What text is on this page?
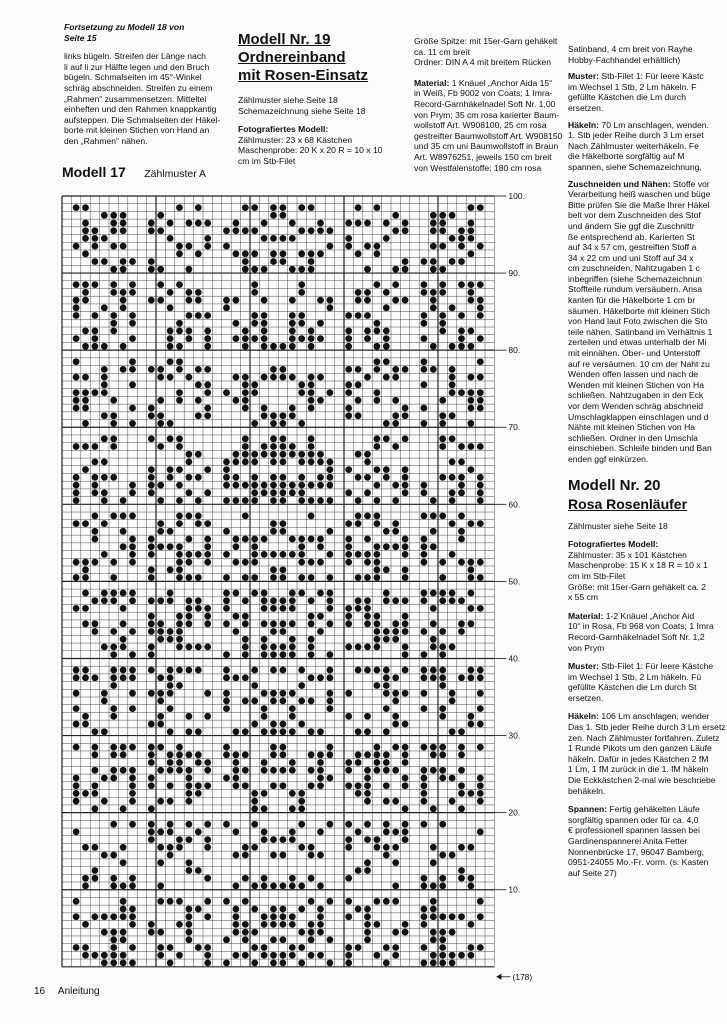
Fortsetzung zu Modell 18 von Seite 15

links bügeln. Streifen der Länge nach

li auf li zur Hälfte legen und den Bruch

bügeln. Schmalseiten im 45°-Winkel

schräg abschneiden. Streifen zu einem

„Rahmen“ zusammensetzen. Mitteltei

einheften und den Rahmen knappkantig

aufsteppen. Die Schmalseiten der Häkel-

borte mit kleinen Stichen von Hand an

den „Rahmen“ nähen.

Modell 17 Zählmuster A

Modell Nr. 19

Ordnereinband

mit Rosen-Einsatz

Zählmuster siehe Seite 18

Schemazeichnung siehe Seite 18

Fotografiertes Modell:

Zählmuster: 23 x 68 Kästchen

Maschenprobe: 20 K x 20 R = 10 x 10

cm im Stb-Filet

Größe Spitze: mit 15er-Garn gehäkelt

ca. 11 cm breit

Ordner: DIN A 4 mit breitem Rücken

Material: 1 Knäuel „Anchor Aida 15“

in Weiß, Fb 9002 von Coats; 1 Imra-

Record-Garnhäkelnadel Soft Nr. 1,00

von Prym; 35 cm rosa karierter Baum-

wollstoff Art. W908100, 25 cm rosa

gestreifter Baumwollstoff Art. W908150

und 35 cm uni Baumwollstoff in Braun

Art. W8976251, jeweils 150 cm breit

von Westfalenstoffe; 180 cm rosa

Satinband, 4 cm breit von Rayhe

Hobby-Fachhandel erhältlich)

Muster: Stb-Filet 1: Für leere Kästc

im Wechsel 1 Stb, 2 Lm häkeln. F

gefüllte Kästchen die Lm durch

ersetzen.

Häkeln: 70 Lm anschlagen, wenden.

1. Stb jeder Reihe durch 3 Lm erset

Nach Zählmuster weiterhäkeln. Fe

die Häkelborte sorgfältig auf M

spannen, siehe Schemazeichnung,

Zuschneiden und Nähen: Stoffe vor

Verarbeitung heiß waschen und büge

Bitte prüfen Sie die Maße Ihrer Häkel

belt vor dem Zuschneiden des Stof

und ändern Sie ggf die Zuschnittr

ße entsprechend ab. Karierten St

auf 34 x 57 cm, gestreiften Stoff a

34 x 22 cm und uni Stoff auf 34 x

cm zuschneiden, Nahtzugaben 1 c

inbegriffen (siehe Schemazeichnun

Stoffteile rundum versäubern. Ansa

kanten für die Häkelborte 1 cm br

säumen. Häkelborte mit kleinen Stich

von Hand laut Foto zwischen die Sto

teile nähen. Satinband im Verhältnis 1

zerteilen und etwas unterhalb der Mi

mit einnähen. Ober- und Unterstoff

auf re versäumen. 10 cm der Naht zu

Wenden offen lassen und nach de

Wenden mit kleinen Stichen von Ha

schließen. Nahtzugaben in den Eck

vor dem Wenden schräg abschneid

Umschlagklappen einschlagen und d

Nähte mit kleinen Stichen von Ha

schließen. Ordner in den Umschla

einschieben. Schleife binden und Ban

enden ggf einkürzen.

Modell Nr. 20

Rosa Rosenläufer

Zählmuster siehe Seite 18

Fotografiertes Modell:

Zählmuster: 35 x 101 Kästchen

Maschenprobe: 15 K x 18 R = 10 x 1

cm im Stb-Filet

Größe: mit 15er-Garn gehäkelt ca. 2

x 55 cm

Material: 1-2 Knäuel „Anchor Aid

10“ in Rosa, Fb 968 von Coats; 1 Imra

Record-Garnhäkelnadel Soft Nr. 1,2

von Prym

Muster: Stb-Filet 1: Für leere Kästche

im Wechsel 1 Stb, 2 Lm häkeln. Fü

gefüllte Kästchen die Lm durch St

ersetzen.

Häkeln: 106 Lm anschlagen, wender

Das 1. Stb jeder Reihe durch 3 Lm ersetz

zen. Nach Zählmuster fortfahren. Zuletz

1 Runde Pikots um den ganzen Läufe

häkeln. Dafür in jedes Kästchen 2 fM

1 Lm, 1 fM zurück in die 1. fM häkeln

Die Eckkästchen 2-mal wie beschriebe

behäkeln.

Spannen: Fertig gehäkelten Läufe

sorgfältig spannen oder für ca. 4,0

€ professionell spannen lassen bei

Gardinenspannerei Anita Fetter

Nonnenbrücke 17, 96047 Bamberg,

0951-24055 Mo.-Fr. vorm. (s. Kasten

auf Seite 27)

10.
20.
30.
40.
50.
60.
70.
80.
90.
100.
(178)
16 Anleitung
